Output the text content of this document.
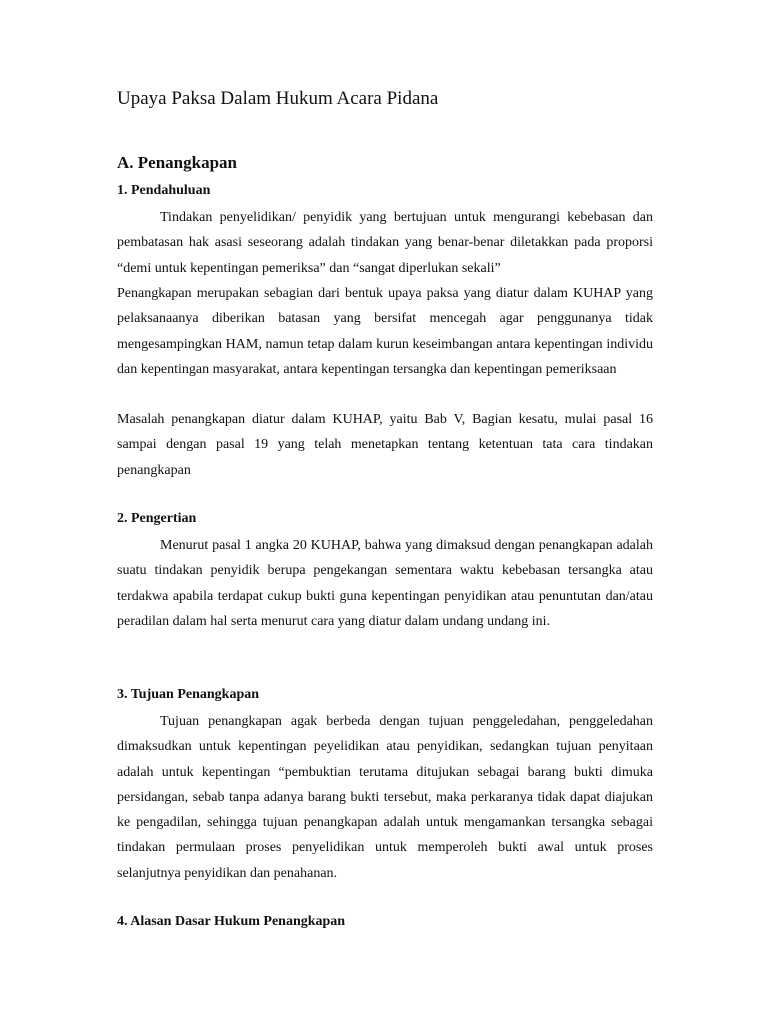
Upaya Paksa Dalam Hukum Acara Pidana
A. Penangkapan
1. Pendahuluan

Tindakan penyelidikan/ penyidik yang bertujuan untuk mengurangi kebebasan dan pembatasan hak asasi seseorang adalah tindakan yang benar-benar diletakkan pada proporsi “demi untuk kepentingan pemeriksa” dan “sangat diperlukan sekali”

Penangkapan merupakan sebagian dari bentuk upaya paksa yang diatur dalam KUHAP yang pelaksanaanya diberikan batasan yang bersifat mencegah agar penggunanya tidak mengesampingkan HAM, namun tetap dalam kurun keseimbangan antara kepentingan individu dan kepentingan masyarakat, antara kepentingan tersangka dan kepentingan pemeriksaan

Masalah penangkapan diatur dalam KUHAP, yaitu Bab V, Bagian kesatu, mulai pasal 16 sampai dengan pasal 19 yang telah menetapkan tentang ketentuan tata cara tindakan penangkapan

2. Pengertian

Menurut pasal 1 angka 20 KUHAP, bahwa yang dimaksud dengan penangkapan adalah suatu tindakan penyidik berupa pengekangan sementara waktu kebebasan tersangka atau terdakwa apabila terdapat cukup bukti guna kepentingan penyidikan atau penuntutan dan/atau peradilan dalam hal serta menurut cara yang diatur dalam undang undang ini.

3. Tujuan Penangkapan

Tujuan penangkapan agak berbeda dengan tujuan penggeledahan, penggeledahan dimaksudkan untuk kepentingan peyelidikan atau penyidikan, sedangkan tujuan penyitaan adalah untuk kepentingan “pembuktian terutama ditujukan sebagai barang bukti dimuka persidangan, sebab tanpa adanya barang bukti tersebut, maka perkaranya tidak dapat diajukan ke pengadilan, sehingga tujuan penangkapan adalah untuk mengamankan tersangka sebagai tindakan permulaan proses penyelidikan untuk memperoleh bukti awal untuk proses selanjutnya penyidikan dan penahanan.

4. Alasan Dasar Hukum Penangkapan
